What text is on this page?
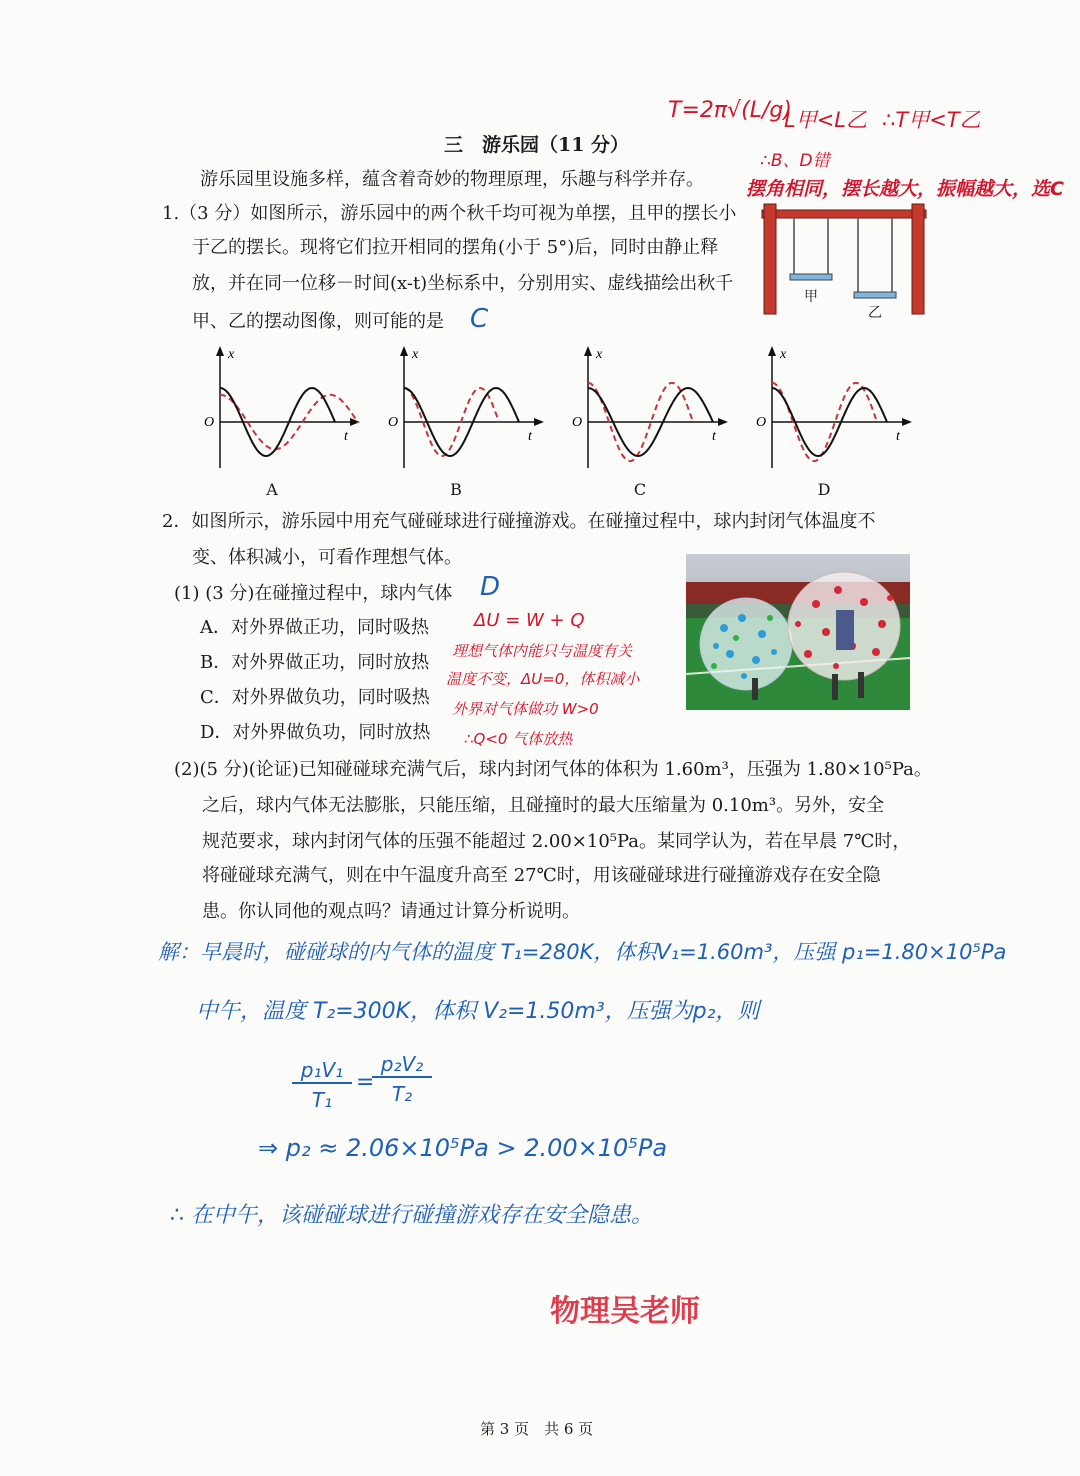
三　游乐园（11 分）
T=2π√(L/g)
L甲<L乙 ∴T甲<T乙
∴B、D错
摆角相同，摆长越大，振幅越大，选C
游乐园里设施多样，蕴含着奇妙的物理原理，乐趣与科学并存。
1.（3 分）如图所示，游乐园中的两个秋千均可视为单摆，且甲的摆长小
于乙的摆长。现将它们拉开相同的摆角(小于 5°)后，同时由静止释
放，并在同一位移－时间(x-t)坐标系中，分别用实、虚线描绘出秋千
甲、乙的摆动图像，则可能的是 C
甲
乙
x
t
O
x
t
O
x
t
O
x
t
O
A	B	C	D
2．如图所示，游乐园中用充气碰碰球进行碰撞游戏。在碰撞过程中，球内封闭气体温度不
变、体积减小，可看作理想气体。
(1) (3 分)在碰撞过程中，球内气体 D
A．对外界做正功，同时吸热
B．对外界做正功，同时放热
C．对外界做负功，同时吸热
D．对外界做负功，同时放热
ΔU = W + Q
理想气体内能只与温度有关
温度不变，ΔU=0，体积减小
外界对气体做功 W>0
∴Q<0 气体放热
(2)(5 分)(论证)已知碰碰球充满气后，球内封闭气体的体积为 1.60m³，压强为 1.80×10⁵Pa。
之后，球内气体无法膨胀，只能压缩，且碰撞时的最大压缩量为 0.10m³。另外，安全
规范要求，球内封闭气体的压强不能超过 2.00×10⁵Pa。某同学认为，若在早晨 7℃时，
将碰碰球充满气，则在中午温度升高至 27℃时，用该碰碰球进行碰撞游戏存在安全隐
患。你认同他的观点吗？请通过计算分析说明。
解：早晨时，碰碰球的内气体的温度 T₁=280K，体积V₁=1.60m³，压强 p₁=1.80×10⁵Pa
中午，温度 T₂=300K，体积 V₂=1.50m³，压强为p₂，则
p₁V₁
T₁
=
p₂V₂
T₂
⇒ p₂ ≈ 2.06×10⁵Pa > 2.00×10⁵Pa
∴ 在中午，该碰碰球进行碰撞游戏存在安全隐患。
物理吴老师
第 3 页　共 6 页
